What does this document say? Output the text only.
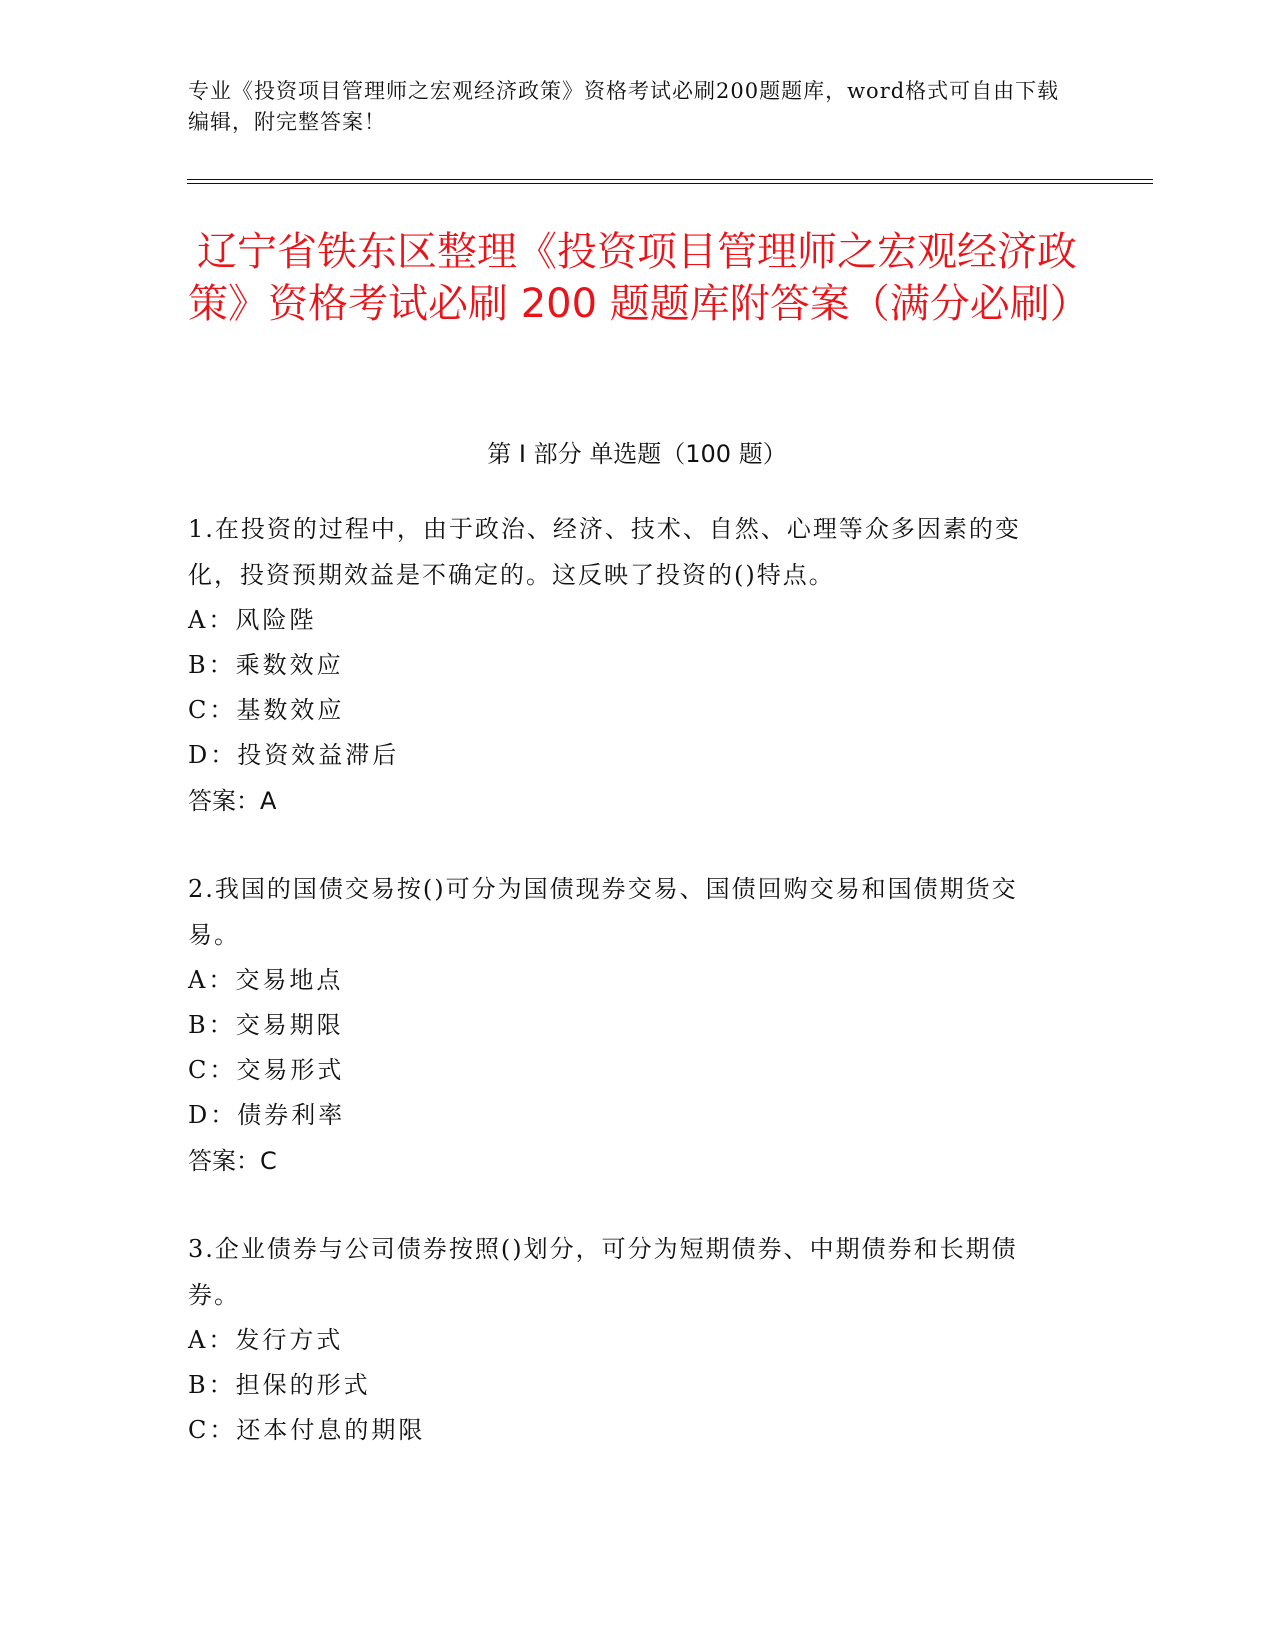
专业《投资项目管理师之宏观经济政策》资格考试必刷200题题库，word格式可自由下载编辑，附完整答案！
辽宁省铁东区整理《投资项目管理师之宏观经济政策》资格考试必刷 200 题题库附答案（满分必刷）
第 I 部分 单选题（100 题）
1.在投资的过程中，由于政治、经济、技术、自然、心理等众多因素的变化，投资预期效益是不确定的。这反映了投资的()特点。
A：风险陛
B：乘数效应
C：基数效应
D：投资效益滞后
答案：A
2.我国的国债交易按()可分为国债现券交易、国债回购交易和国债期货交易。
A：交易地点
B：交易期限
C：交易形式
D：债券利率
答案：C
3.企业债券与公司债券按照()划分，可分为短期债券、中期债券和长期债券。
A：发行方式
B：担保的形式
C：还本付息的期限
